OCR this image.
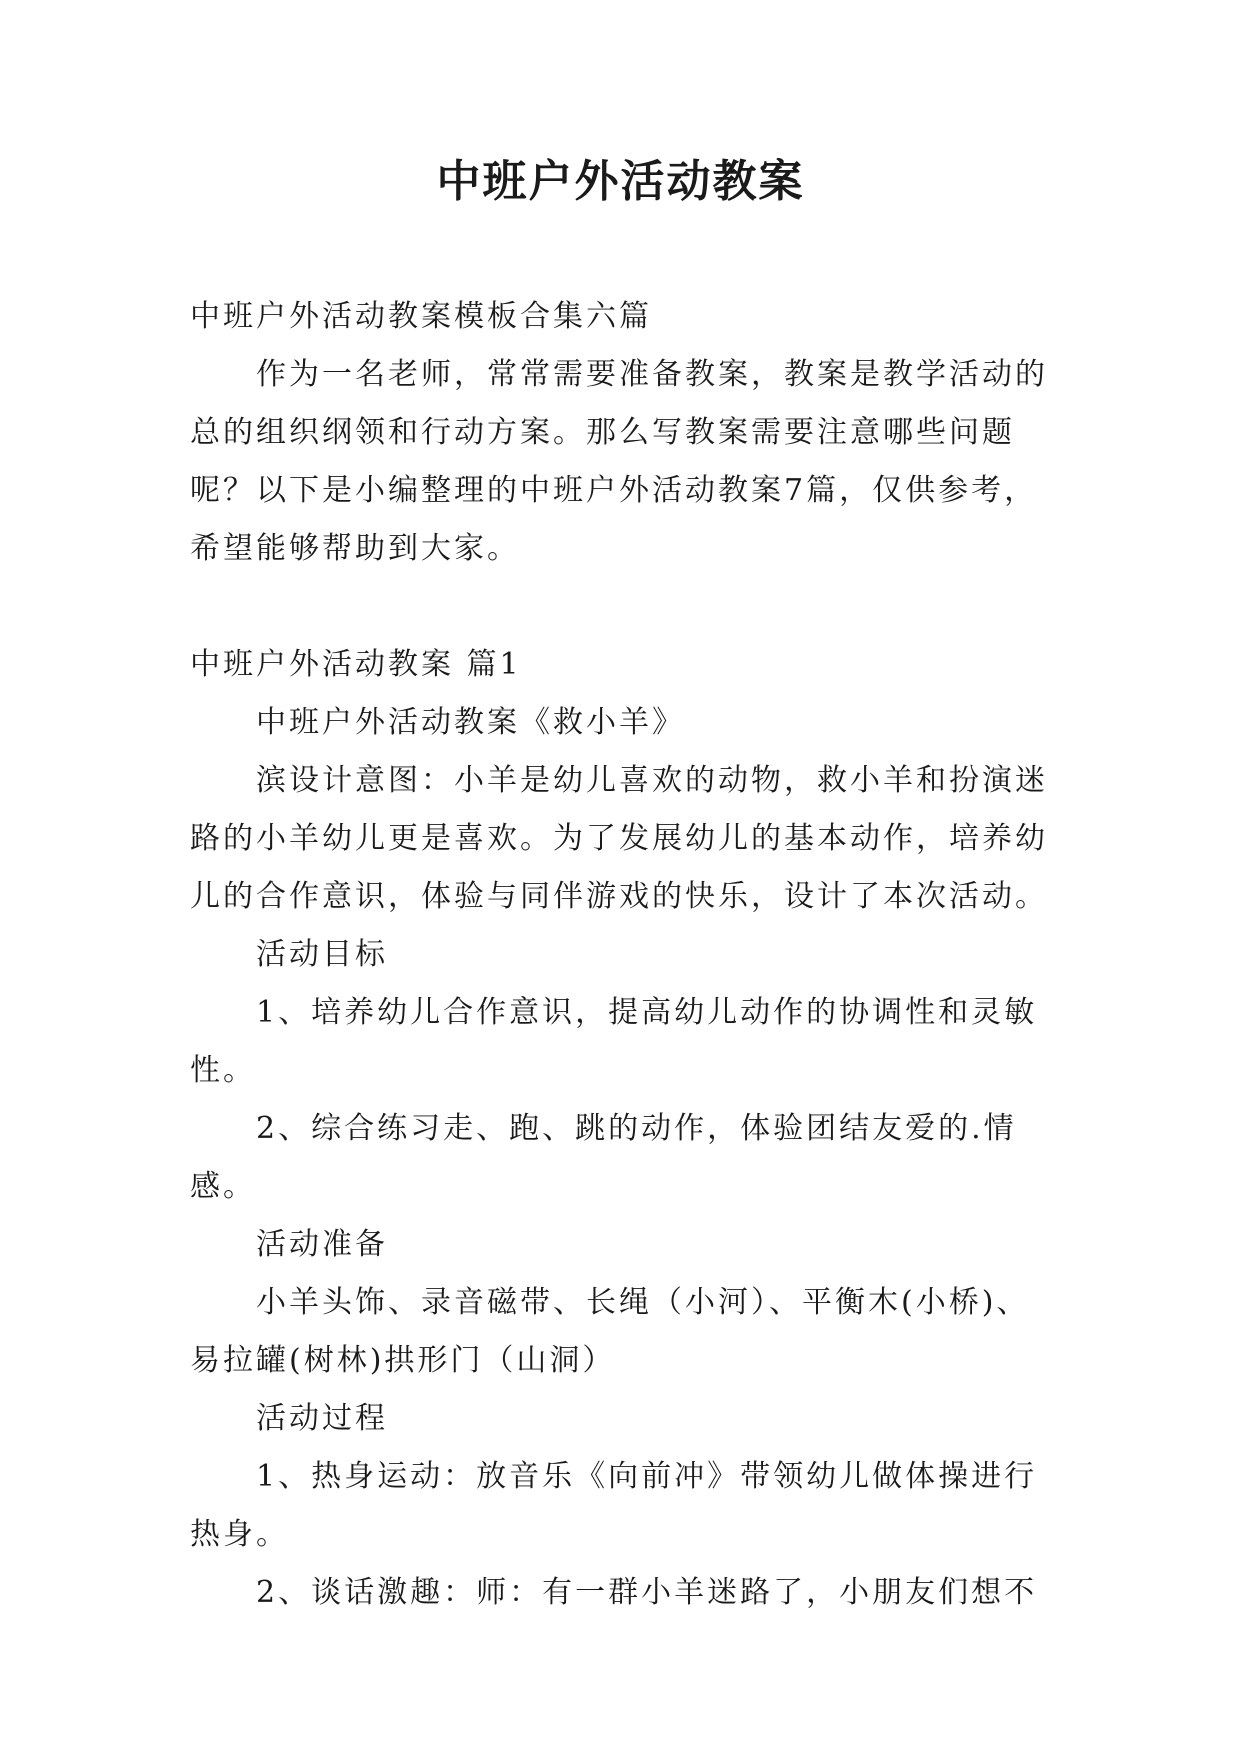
中班户外活动教案

中班户外活动教案模板合集六篇

作为一名老师，常常需要准备教案，教案是教学活动的总的组织纲领和行动方案。那么写教案需要注意哪些问题呢？以下是小编整理的中班户外活动教案7篇，仅供参考，希望能够帮助到大家。

中班户外活动教案 篇1

中班户外活动教案《救小羊》

滨设计意图：小羊是幼儿喜欢的动物，救小羊和扮演迷路的小羊幼儿更是喜欢。为了发展幼儿的基本动作，培养幼儿的合作意识，体验与同伴游戏的快乐，设计了本次活动。

活动目标

1、培养幼儿合作意识，提高幼儿动作的协调性和灵敏性。

2、综合练习走、跑、跳的动作，体验团结友爱的.情感。

活动准备

小羊头饰、录音磁带、长绳（小河）、平衡木(小桥)、易拉罐(树林)拱形门（山洞）

活动过程

1、热身运动：放音乐《向前冲》带领幼儿做体操进行热身。

2、谈话激趣：师：有一群小羊迷路了，小朋友们想不
